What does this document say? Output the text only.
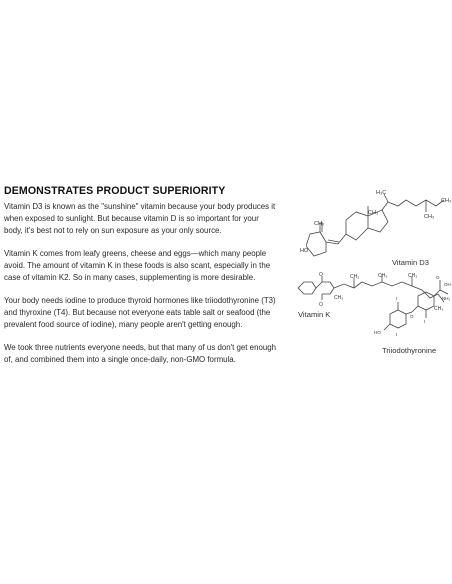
DEMONSTRATES PRODUCT SUPERIORITY

Vitamin D3 is known as the "sunshine" vitamin because your body produces it when exposed to sunlight. But because vitamin D is so important for your body, it's best not to rely on sun exposure as your only source.

Vitamin K comes from leafy greens, cheese and eggs—which many people avoid. The amount of vitamin K in these foods is also scant, especially in the case of vitamin K2. So in many cases, supplementing is more desirable.

Your body needs iodine to produce thyroid hormones like triiodothyronine (T3) and thyroxine (T4). But because not everyone eats table salt or seafood (the prevalent food source of iodine), many people aren't getting enough.

We took three nutrients everyone needs, but that many of us don't get enough of, and combined them into a single once-daily, non-GMO formula.

H₃C
CH₃
CH₃
CH₃
CH₂
HO
Vitamin D3
O
O
CH₃
CH₃	CH₃	CH₃
CH₃
Vitamin K
O
OH
NH₂
HO
I
I
I
O
Triiodothyronine
